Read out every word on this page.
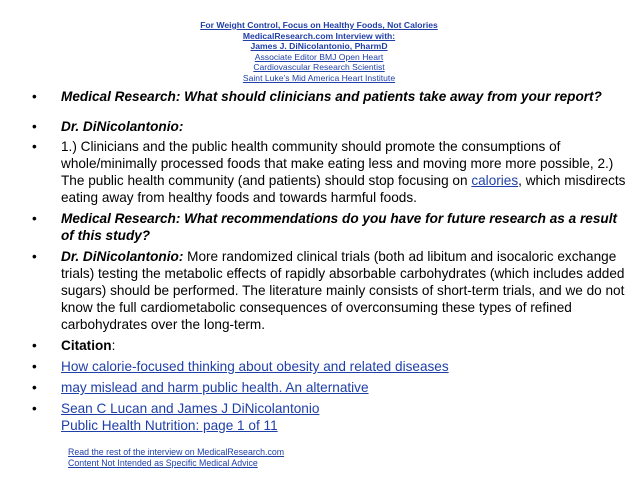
For Weight Control, Focus on Healthy Foods, Not Calories
MedicalResearch.com Interview with:
James J. DiNicolantonio, PharmD
Associate Editor BMJ Open Heart
Cardiovascular Research Scientist
Saint Luke’s Mid America Heart Institute
• Medical Research: What should clinicians and patients take away from your report?
• Dr. DiNicolantonio:
• 1.) Clinicians and the public health community should promote the consumptions of whole/minimally processed foods that make eating less and moving more more possible, 2.) The public health community (and patients) should stop focusing on calories, which misdirects eating away from healthy foods and towards harmful foods.
• Medical Research: What recommendations do you have for future research as a result of this study?
• Dr. DiNicolantonio: More randomized clinical trials (both ad libitum and isocaloric exchange trials) testing the metabolic effects of rapidly absorbable carbohydrates (which includes added sugars) should be performed. The literature mainly consists of short-term trials, and we do not know the full cardiometabolic consequences of overconsuming these types of refined carbohydrates over the long-term.
• Citation:
• How calorie-focused thinking about obesity and related diseases
• may mislead and harm public health. An alternative
• Sean C Lucan and James J DiNicolantonio
Public Health Nutrition: page 1 of 11
Read the rest of the interview on MedicalResearch.com
Content Not Intended as Specific Medical Advice
